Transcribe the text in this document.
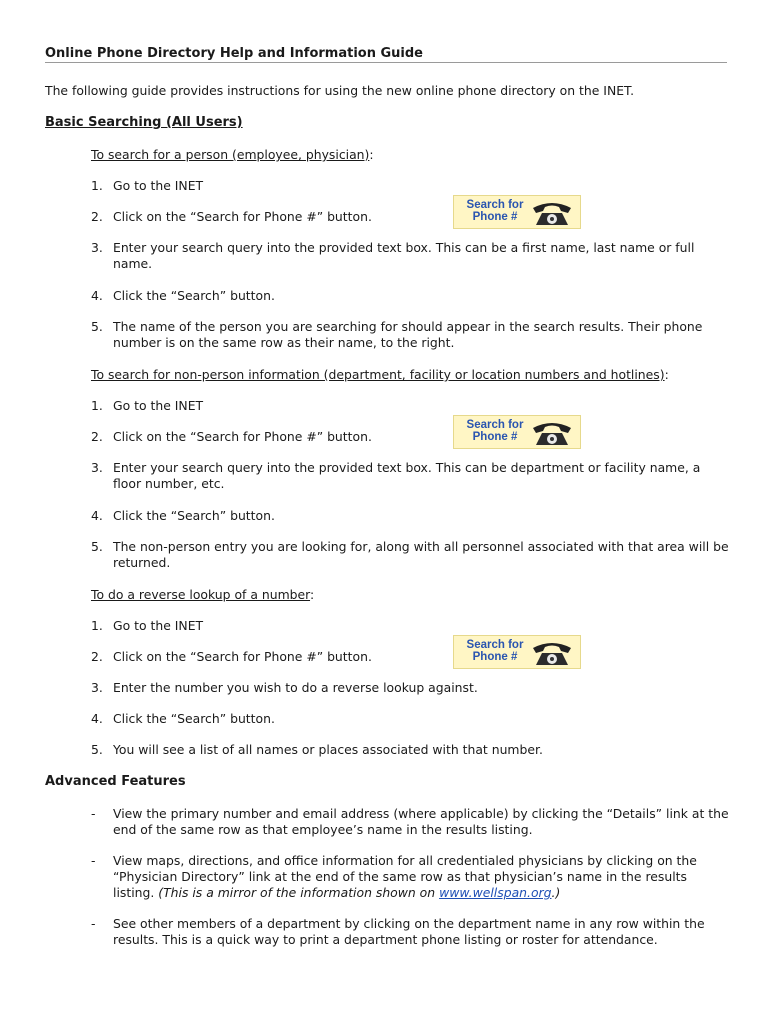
Online Phone Directory Help and Information Guide

The following guide provides instructions for using the new online phone directory on the INET.

Basic Searching (All Users)

To search for a person (employee, physician):

1. Go to the INET
2. Click on the “Search for Phone #” button.
Search for Phone #
3. Enter your search query into the provided text box. This can be a first name, last name or full name.
4. Click the “Search” button.
5. The name of the person you are searching for should appear in the search results. Their phone number is on the same row as their name, to the right.

To search for non-person information (department, facility or location numbers and hotlines):

1. Go to the INET
2. Click on the “Search for Phone #” button.
Search for Phone #
3. Enter your search query into the provided text box. This can be department or facility name, a floor number, etc.
4. Click the “Search” button.
5. The non-person entry you are looking for, along with all personnel associated with that area will be returned.

To do a reverse lookup of a number:

1. Go to the INET
2. Click on the “Search for Phone #” button.
Search for Phone #
3. Enter the number you wish to do a reverse lookup against.
4. Click the “Search” button.
5. You will see a list of all names or places associated with that number.

Advanced Features

- View the primary number and email address (where applicable) by clicking the “Details” link at the end of the same row as that employee’s name in the results listing.
- View maps, directions, and office information for all credentialed physicians by clicking on the “Physician Directory” link at the end of the same row as that physician’s name in the results listing. (This is a mirror of the information shown on www.wellspan.org.)
- See other members of a department by clicking on the department name in any row within the results. This is a quick way to print a department phone listing or roster for attendance.
